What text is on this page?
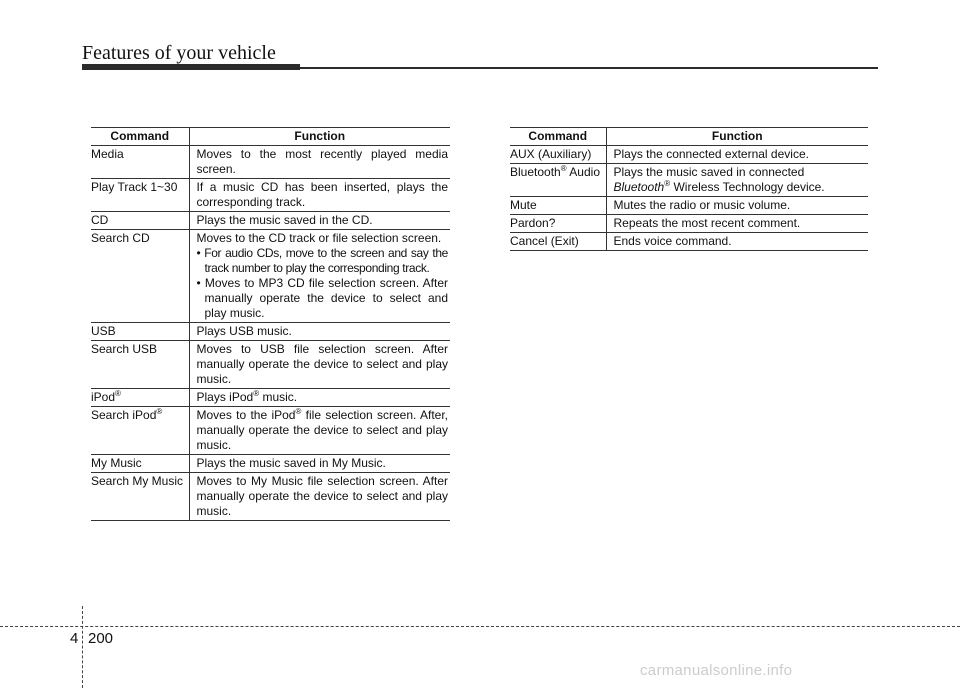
Features of your vehicle
Command	Function
Media	Moves to the most recently played media screen.
Play Track 1~30	If a music CD has been inserted, plays the corresponding track.
CD	Plays the music saved in the CD.
Search CD	Moves to the CD track or file selection screen.
• For audio CDs, move to the screen and say the track number to play the corresponding track.
• Moves to MP3 CD file selection screen. After manually operate the device to select and play music.

USB	Plays USB music.
Search USB	Moves to USB file selection screen. After manually operate the device to select and play music.
iPod®	Plays iPod® music.
Search iPod®	Moves to the iPod® file selection screen. After, manually operate the device to select and play music.
My Music	Plays the music saved in My Music.
Search My Music	Moves to My Music file selection screen. After manually operate the device to select and play music.
Command	Function
AUX (Auxiliary)	Plays the connected external device.
Bluetooth® Audio	Plays the music saved in connected
Bluetooth® Wireless Technology device.
Mute	Mutes the radio or music volume.
Pardon?	Repeats the most recent comment.
Cancel (Exit)	Ends voice command.
4 200
carmanualsonline.info
